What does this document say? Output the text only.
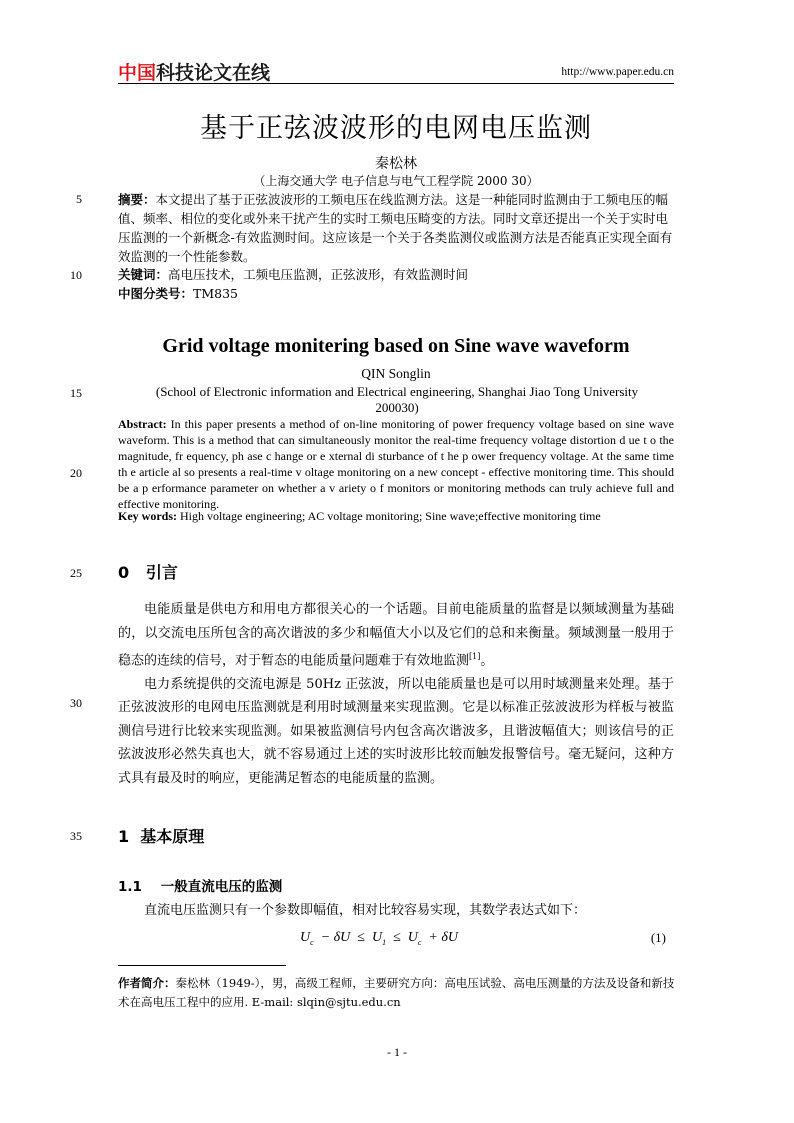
中国科技论文在线	http://www.paper.edu.cn
5
10
15
20
25
30
35
基于正弦波波形的电网电压监测
秦松林
（上海交通大学 电子信息与电气工程学院 2000 30）
摘要：本文提出了基于正弦波波形的工频电压在线监测方法。这是一种能同时监测由于工频电压的幅值、频率、相位的变化或外来干扰产生的实时工频电压畸变的方法。同时文章还提出一个关于实时电压监测的一个新概念-有效监测时间。这应该是一个关于各类监测仪或监测方法是否能真正实现全面有效监测的一个性能参数。
关键词：高电压技术，工频电压监测，正弦波形，有效监测时间
中图分类号：TM835
Grid voltage monitering based on Sine wave waveform
QIN Songlin
(School of Electronic information and Electrical engineering, Shanghai Jiao Tong University 200030)
Abstract: In this paper presents a method of on-line monitoring of power frequency voltage based on sine wave waveform. This is a method that can simultaneously monitor the real-time frequency voltage distortion d ue t o the magnitude, fr equency, ph ase c hange or e xternal di sturbance of t he p ower frequency voltage. At the same time th e article al so presents a real-time v oltage monitoring on a new concept - effective monitoring time. This should be a p erformance parameter on whether a v ariety o f monitors or monitoring methods can truly achieve full and effective monitoring.
Key words: High voltage engineering; AC voltage monitoring; Sine wave;effective monitoring time
0 引言

电能质量是供电方和用电方都很关心的一个话题。目前电能质量的监督是以频域测量为基础的，以交流电压所包含的高次谐波的多少和幅值大小以及它们的总和来衡量。频域测量一般用于稳态的连续的信号，对于暂态的电能质量问题难于有效地监测[1]。

电力系统提供的交流电源是 50Hz 正弦波，所以电能质量也是可以用时域测量来处理。基于正弦波波形的电网电压监测就是利用时域测量来实现监测。它是以标准正弦波波形为样板与被监测信号进行比较来实现监测。如果被监测信号内包含高次谐波多，且谐波幅值大；则该信号的正弦波波形必然失真也大，就不容易通过上述的实时波形比较而触发报警信号。毫无疑问，这种方式具有最及时的响应，更能满足暂态的电能质量的监测。

1 基本原理
1.1 一般直流电压的监测

直流电压监测只有一个参数即幅值，相对比较容易实现，其数学表达式如下：

$U_c - \delta U \le U_1 \le U_c + \delta U$	(1)
作者简介：秦松林（1949-），男，高级工程师，主要研究方向：高电压试验、高电压测量的方法及设备和新技术在高电压工程中的应用. E-mail: slqin@sjtu.edu.cn
- 1 -
